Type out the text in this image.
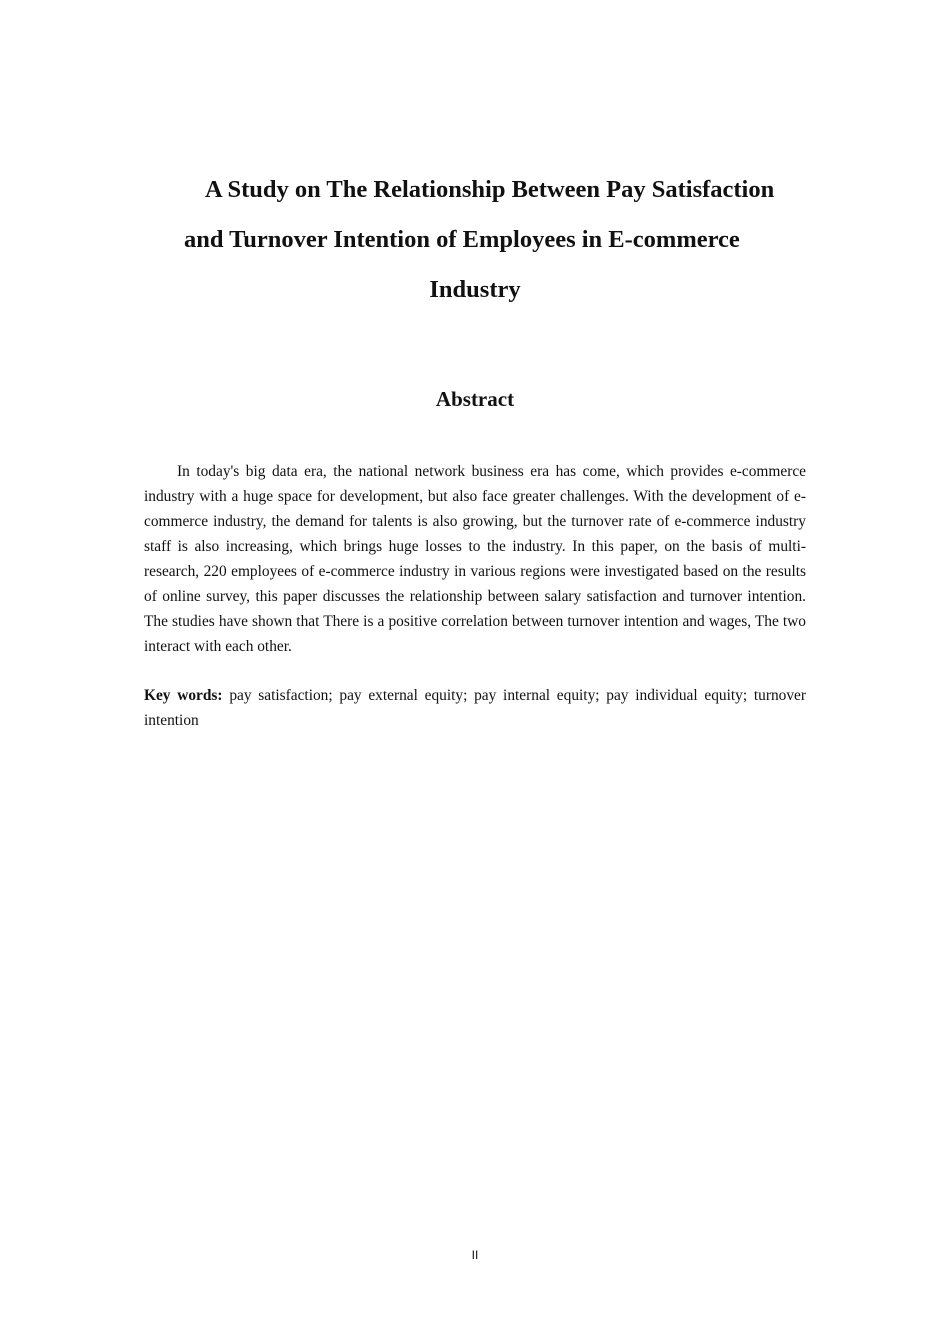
A Study on The Relationship Between Pay Satisfaction
and Turnover Intention of Employees in E-commerce
Industry
Abstract

In today's big data era, the national network business era has come, which provides e-commerce industry with a huge space for development, but also face greater challenges. With the development of e-commerce industry, the demand for talents is also growing, but the turnover rate of e-commerce industry staff is also increasing, which brings huge losses to the industry. In this paper, on the basis of multi-research, 220 employees of e-commerce industry in various regions were investigated based on the results of online survey, this paper discusses the relationship between salary satisfaction and turnover intention. The studies have shown that There is a positive correlation between turnover intention and wages, The two interact with each other.

Key words: pay satisfaction; pay external equity; pay internal equity; pay individual equity; turnover intention

II
